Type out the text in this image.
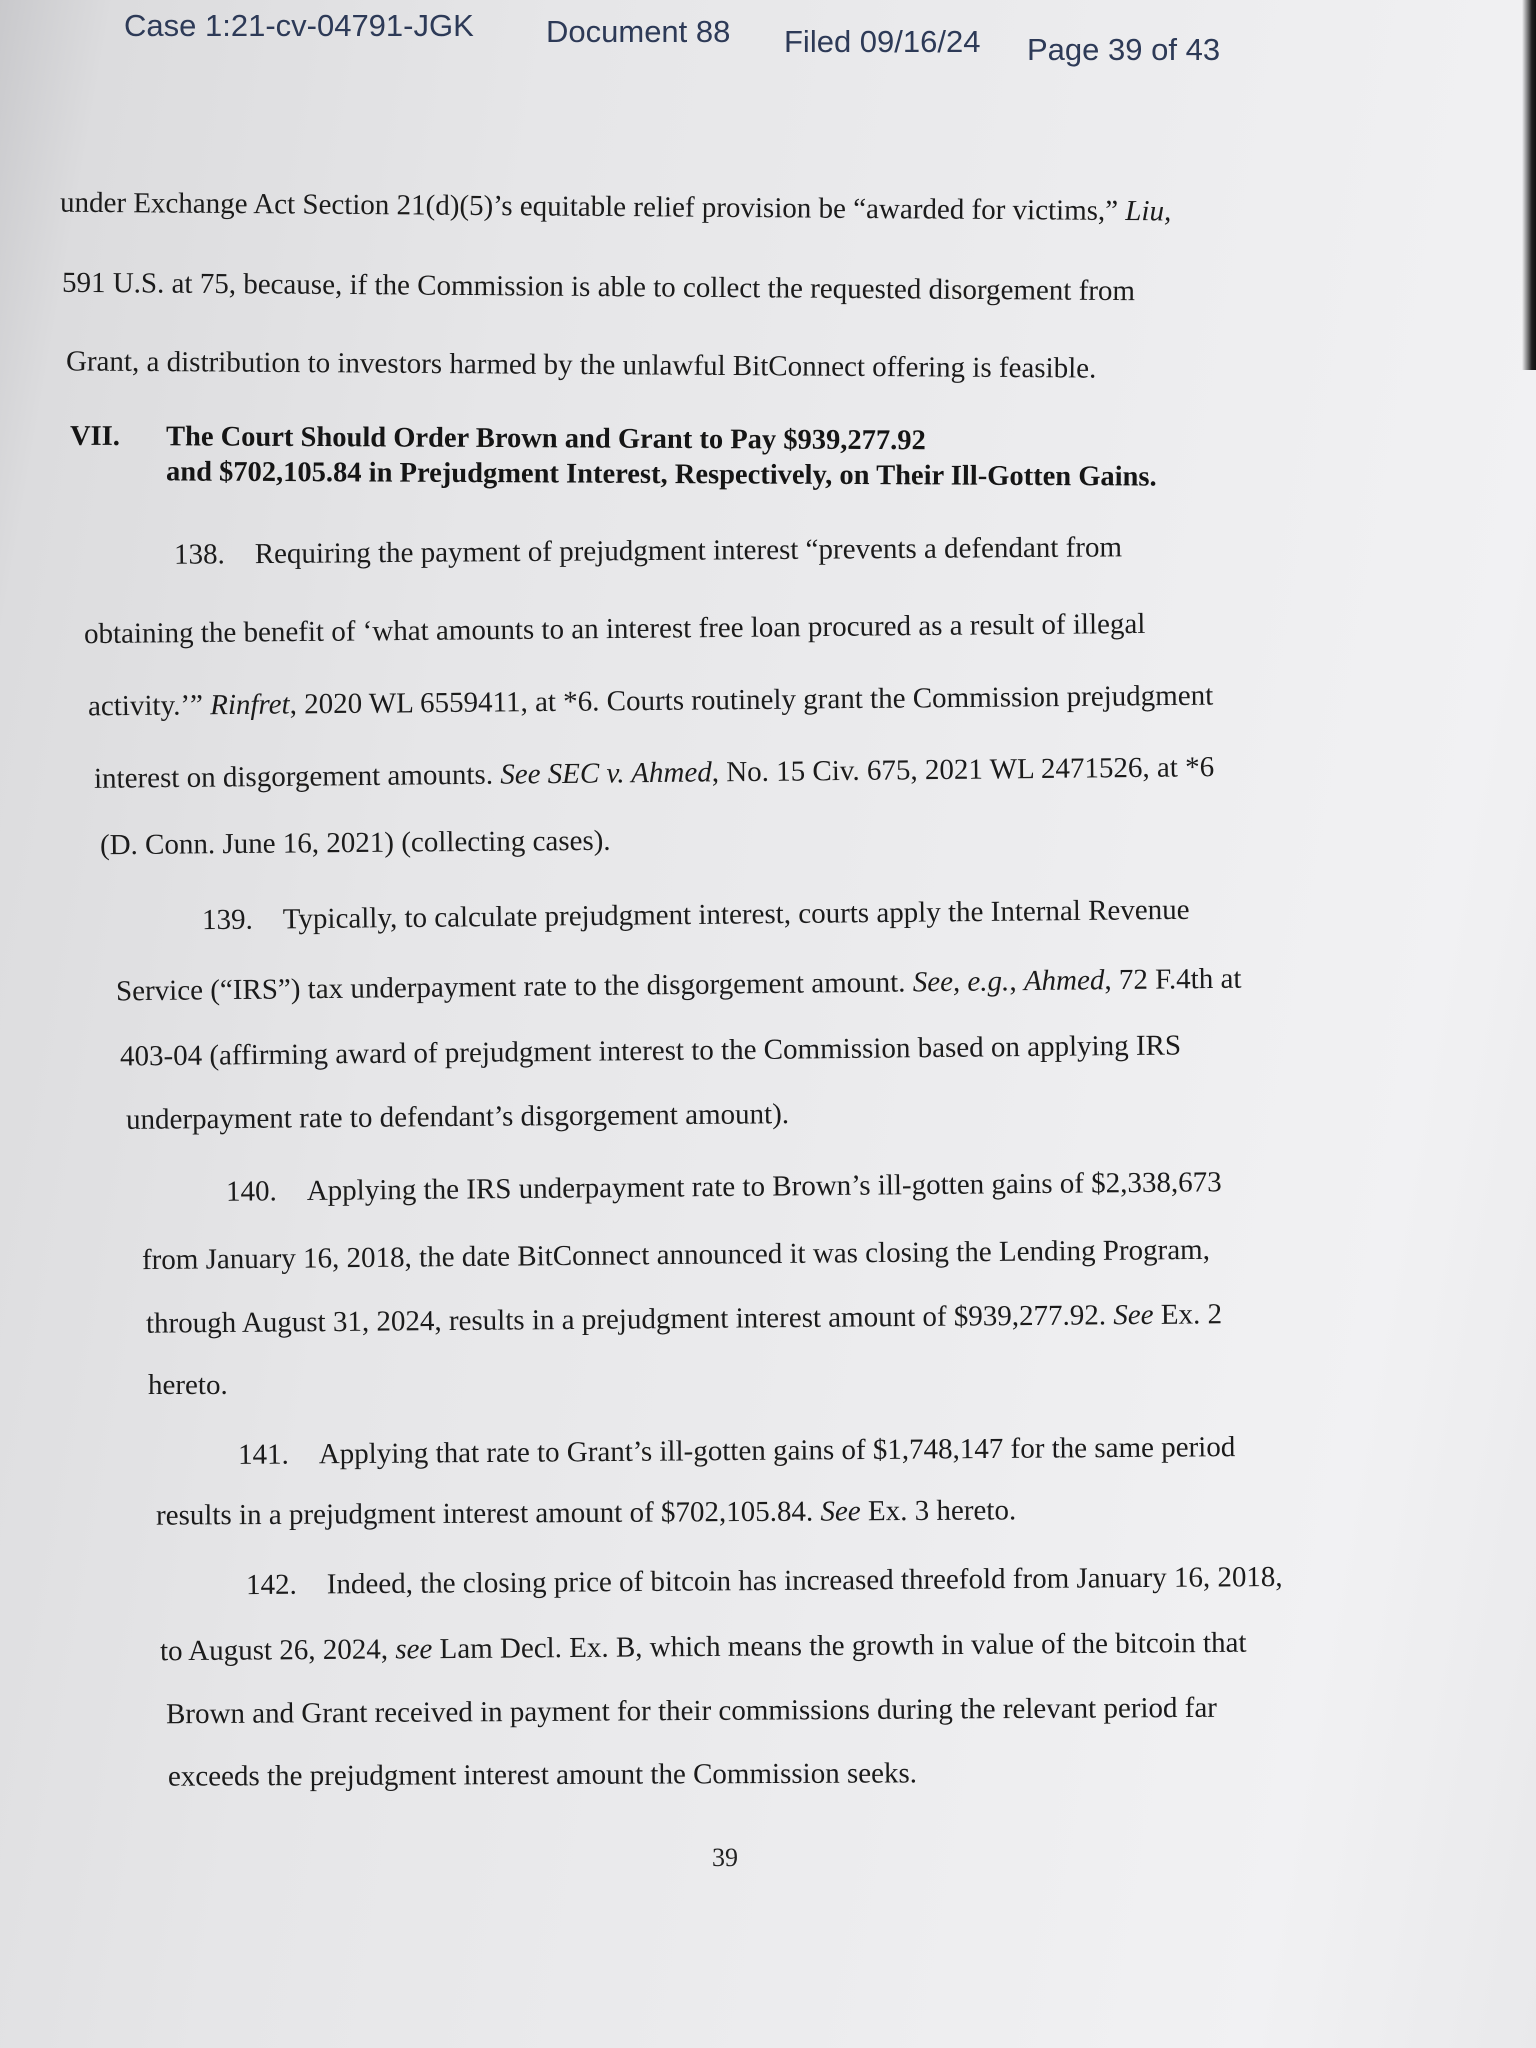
Case 1:21-cv-04791-JGK Document 88 Filed 09/16/24 Page 39 of 43
under Exchange Act Section 21(d)(5)’s equitable relief provision be “awarded for victims,” Liu,
591 U.S. at 75, because, if the Commission is able to collect the requested disorgement from
Grant, a distribution to investors harmed by the unlawful BitConnect offering is feasible.
VII. The Court Should Order Brown and Grant to Pay $939,277.92
and $702,105.84 in Prejudgment Interest, Respectively, on Their Ill-Gotten Gains.
138. Requiring the payment of prejudgment interest “prevents a defendant from
obtaining the benefit of ‘what amounts to an interest free loan procured as a result of illegal
activity.’” Rinfret, 2020 WL 6559411, at *6. Courts routinely grant the Commission prejudgment
interest on disgorgement amounts. See SEC v. Ahmed, No. 15 Civ. 675, 2021 WL 2471526, at *6
(D. Conn. June 16, 2021) (collecting cases).
139. Typically, to calculate prejudgment interest, courts apply the Internal Revenue
Service (“IRS”) tax underpayment rate to the disgorgement amount. See, e.g., Ahmed, 72 F.4th at
403-04 (affirming award of prejudgment interest to the Commission based on applying IRS
underpayment rate to defendant’s disgorgement amount).
140. Applying the IRS underpayment rate to Brown’s ill-gotten gains of $2,338,673
from January 16, 2018, the date BitConnect announced it was closing the Lending Program,
through August 31, 2024, results in a prejudgment interest amount of $939,277.92. See Ex. 2
hereto.
141. Applying that rate to Grant’s ill-gotten gains of $1,748,147 for the same period
results in a prejudgment interest amount of $702,105.84. See Ex. 3 hereto.
142. Indeed, the closing price of bitcoin has increased threefold from January 16, 2018,
to August 26, 2024, see Lam Decl. Ex. B, which means the growth in value of the bitcoin that
Brown and Grant received in payment for their commissions during the relevant period far
exceeds the prejudgment interest amount the Commission seeks.
39
